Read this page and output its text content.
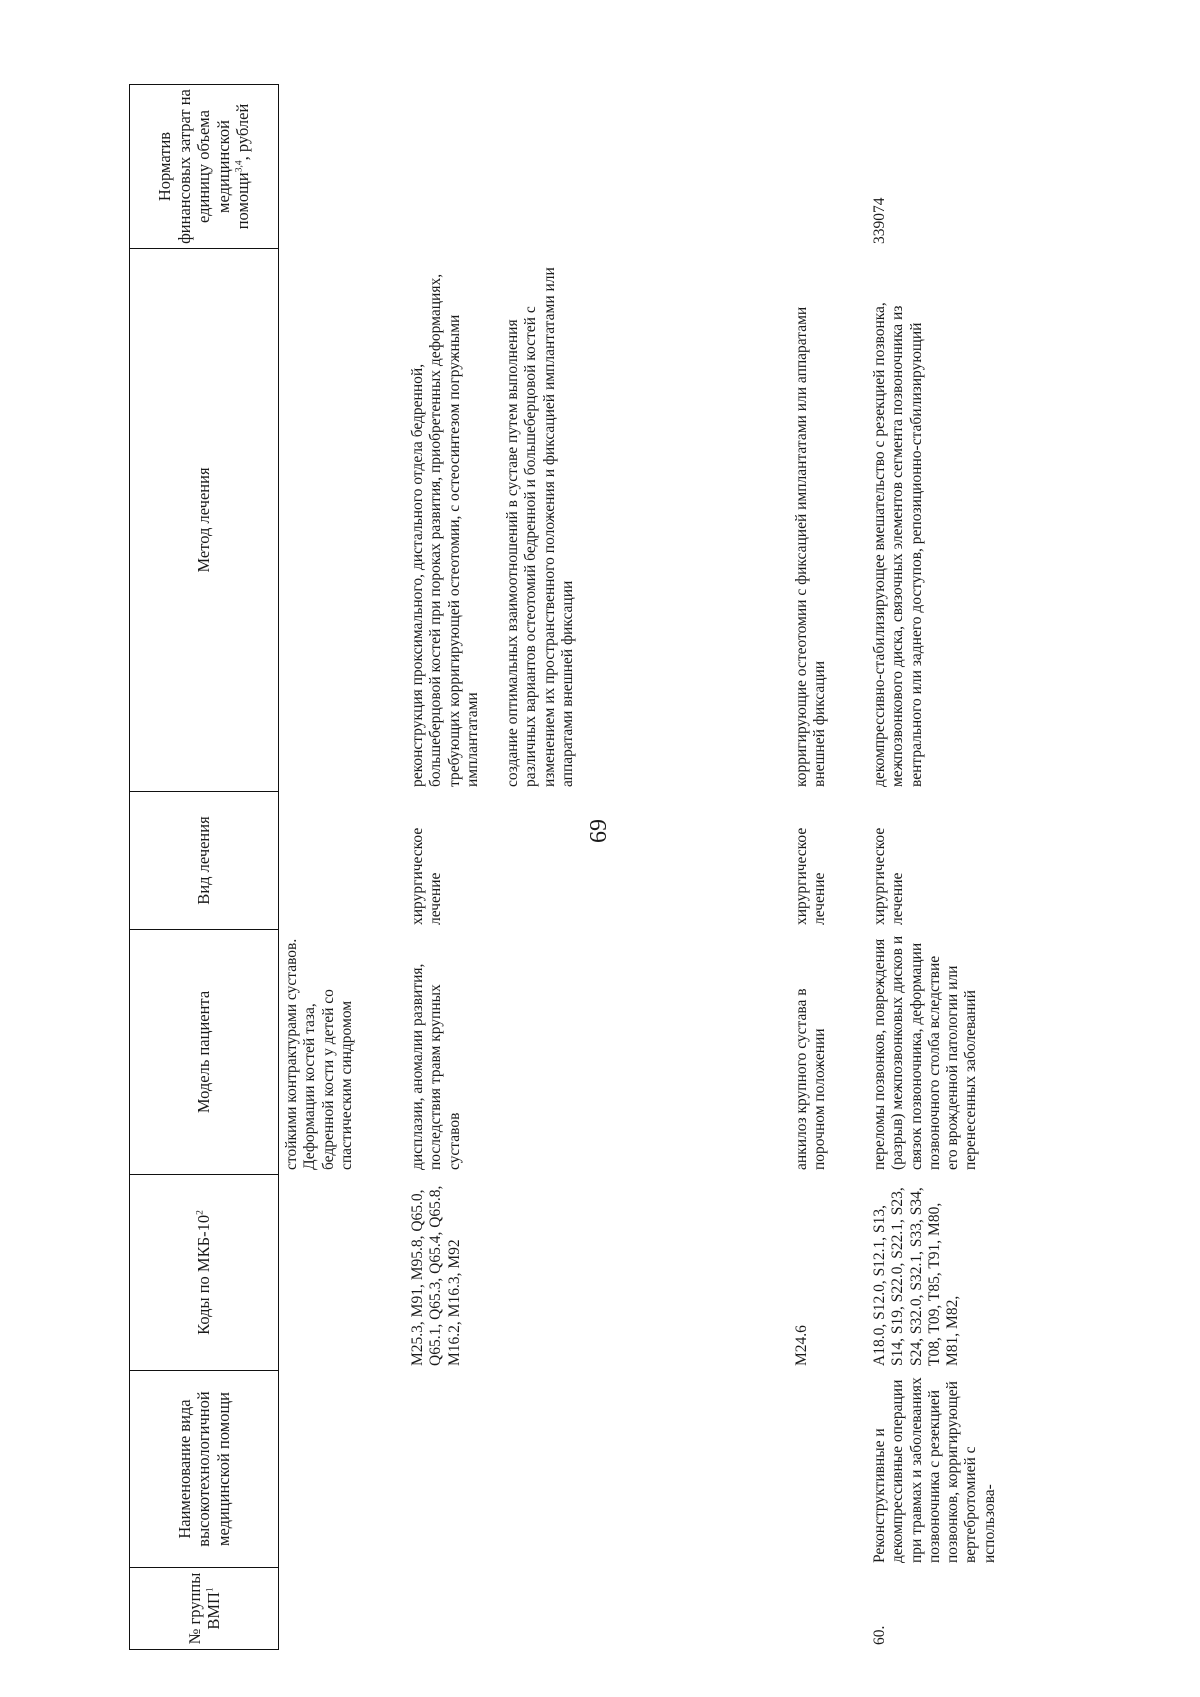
69
№ группы ВМП$^1$	Наименование вида высокотехнологичной медицинской помощи	Коды по МКБ-$10^2$	Модель пациента	Вид лечения	Метод лечения	Норматив финансовых затрат на единицу объема медицинской помощи$^{3,4}$, рублей
			стойкими контрактурами суставов. Деформации костей таза, бедренной кости у детей со спастическим синдромом			
		M25.3, M91, M95.8, Q65.0, Q65.1, Q65.3, Q65.4, Q65.8, M16.2, M16.3, M92	дисплазии, аномалии развития, последствия травм крупных суставов	хирургическое лечение	реконструкция проксимального, дистального отдела бедренной, большеберцовой костей при пороках развития, приобретенных деформациях, требующих корригирующей остеотомии, с остеосинтезом погружными имплантатами создание оптимальных взаимоотношений в суставе путем выполнения различных вариантов остеотомий бедренной и большеберцовой костей с изменением их пространственного положения и фиксацией имплантатами или аппаратами внешней фиксации	

		M24.6	анкилоз крупного сустава в порочном положении	хирургическое лечение	корригирующие остеотомии с фиксацией имплантатами или аппаратами внешней фиксации	

60.	Реконструктивные и декомпрессивные операции при травмах и заболеваниях позвоночника с резекцией позвонков, корригирующей вертебротомией с использова-	A18.0, S12.0, S12.1, S13, S14, S19, S22.0, S22.1, S23, S24, S32.0, S32.1, S33, S34, T08, T09, T85, T91, M80, M81, M82,	переломы позвонков, повреждения (разрыв) межпозвонковых дисков и связок позвоночника, деформации позвоночного столба вследствие его врожденной патологии или перенесенных заболеваний	хирургическое лечение	декомпрессивно-стабилизирующее вмешательство с резекцией позвонка, межпозвонкового диска, связочных элементов сегмента позвоночника из вентрального или заднего доступов, репозиционно-стабилизирующий	339074
